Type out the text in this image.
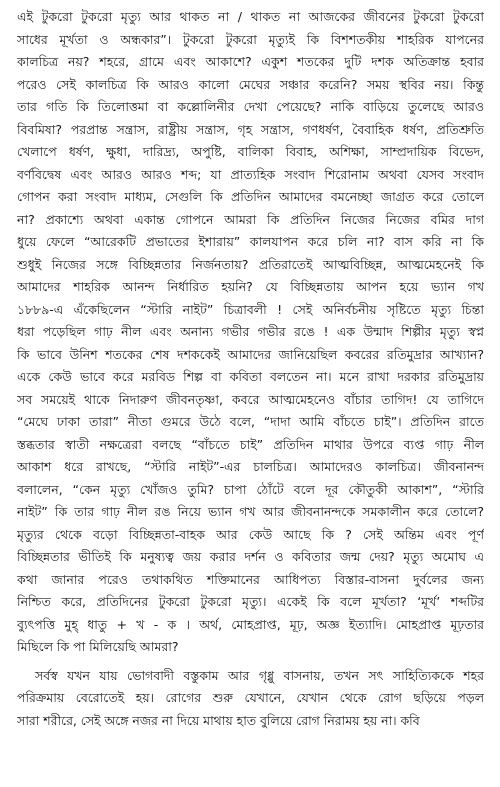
এই টুকরো টুকরো মৃত্যু আর থাকত না / থাকত না আজকের জীবনের টুকরো টুকরো
সাধের মূর্খতা ও অন্ধকার”। টুকরো টুকরো মৃত্যুই কি বিশশতকীয় শাহরিক যাপনের
কালচিত্র নয়? শহরে, গ্রামে এবং আকাশে? একুশ শতকের দুটি দশক অতিক্রান্ত হবার
পরেও সেই কালচিত্র কি আরও কালো মেঘের সঞ্চার করেনি? সময় স্থবির নয়। কিন্তু
তার গতি কি তিলোত্তমা বা কল্লোলিনীর দেখা পেয়েছে? নাকি বাড়িয়ে তুলেছে আরও
বিবমিষা? পরপ্রান্ত সন্ত্রাস, রাষ্ট্রীয় সন্ত্রাস, গৃহ সন্ত্রাস, গণধর্ষণ, বৈবাহিক ধর্ষণ, প্রতিশ্রুতি
খেলাপে ধর্ষণ, ক্ষুধা, দারিদ্র্য, অপুষ্টি, বালিকা বিবাহ, অশিক্ষা, সাম্প্রদায়িক বিভেদ,
বর্ণবিদ্বেষ এবং আরও আরও শব্দ; যা প্রাত্যহিক সংবাদ শিরোনাম অথবা যেসব সংবাদ
গোপন করা সংবাদ মাধ্যম, সেগুলি কি প্রতিদিন আমাদের বমনেচ্ছা জাগ্রত করে তোলে
না? প্রকাশ্যে অথবা একান্ত গোপনে আমরা কি প্রতিদিন নিজের নিজের বমির দাগ
ধুয়ে ফেলে “আরেকটি প্রভাতের ইশারায়” কালযাপন করে চলি না? বাস করি না কি
শুধুই নিজের সঙ্গে বিচ্ছিন্নতার নির্জনতায়? প্রতিরাতেই আত্মবিচ্ছিন্ন, আত্মমেহনেই কি
আমাদের শাহরিক আনন্দ নির্ধারিত হয়নি? যে বিচ্ছিন্নতায় আপন হয়ে ভ্যান গখ
১৮৮৯-এ এঁকেছিলেন “স্টারি নাইট” চিত্রাবলী ! সেই অনির্বচনীয় সৃষ্টিতে মৃত্যু চিন্তা
ধরা পড়েছিল গাঢ় নীল এবং অনান্য গভীর গভীর রঙে ! এক উন্মাদ শিল্পীর মৃত্যু স্বপ্ন
কি ভাবে উনিশ শতকের শেষ দশককেই আমাদের জানিয়েছিল কবরের রতিমুদ্রার আখ্যান?
একে কেউ ভাবে করে মরবিড শিল্প বা কবিতা বলতেন না। মনে রাখা দরকার রতিমুদ্রায়
সব সময়েই থাকে নিদারুণ জীবনতৃষ্ণা, কবরে আত্মমেহনেও বাঁচার তাগিদ! যে তাগিদে
“মেঘে ঢাকা তারা” নীতা গুমরে উঠে বলে, “দাদা আমি বাঁচতে চাই”। প্রতিদিন রাতে
স্তব্ধতার স্বাতী নক্ষত্রেরা বলছে “বাঁচতে চাই” প্রতিদিন মাথার উপরে ব্যপ্ত গাঢ় নীল
আকাশ ধরে রাখছে, “স্টারি নাইট”-এর চালচিত্র। আমাদেরও কালচিত্র। জীবনানন্দ
বলালেন, “কেন মৃত্যু খোঁজও তুমি? চাপা ঠোঁটে বলে দূর কৌতুকী আকাশ”, “স্টারি
নাইট” কি তার গাঢ় নীল রঙ নিয়ে ভ্যান গখ আর জীবনানন্দকে সমকালীন করে তোলে?
মৃত্যুর থেকে বড়ো বিচ্ছিন্নতা-বাহক আর কেউ আছে কি ? সেই অন্তিম এবং পূর্ণ
বিচ্ছিন্নতার ভীতিই কি মনুষ্যত্ব জয় করার দর্শন ও কবিতার জন্ম দেয়? মৃত্যু অমোঘ এ
কথা জানার পরেও তথাকথিত শক্তিমানের আধিপত্য বিস্তার-বাসনা দুর্বলের জন্য
নিশ্চিত করে, প্রতিদিনের টুকরো টুকরো মৃত্যু। একেই কি বলে মূর্খতা? ‘মূর্খ’ শব্দটির
ব্যুৎপত্তি মুহ্ ধাতু + খ - ক । অর্থ, মোহপ্রাপ্ত, মূঢ়, অজ্ঞ ইত্যাদি। মোহপ্রাপ্ত মূঢ়তার
মিছিলে কি পা মিলিয়েছি আমরা?
সর্বস্ব যখন যায় ভোগবাদী বস্তুকাম আর গৃধ্নু বাসনায়, তখন সৎ সাহিত্যিককে শহর
পরিক্রমায় বেরোতেই হয়। রোগের শুরু যেখানে, যেখান থেকে রোগ ছড়িয়ে পড়ল
সারা শরীরে, সেই অঙ্গে নজর না দিয়ে মাথায় হাত বুলিয়ে রোগ নিরাময় হয় না। কবি
